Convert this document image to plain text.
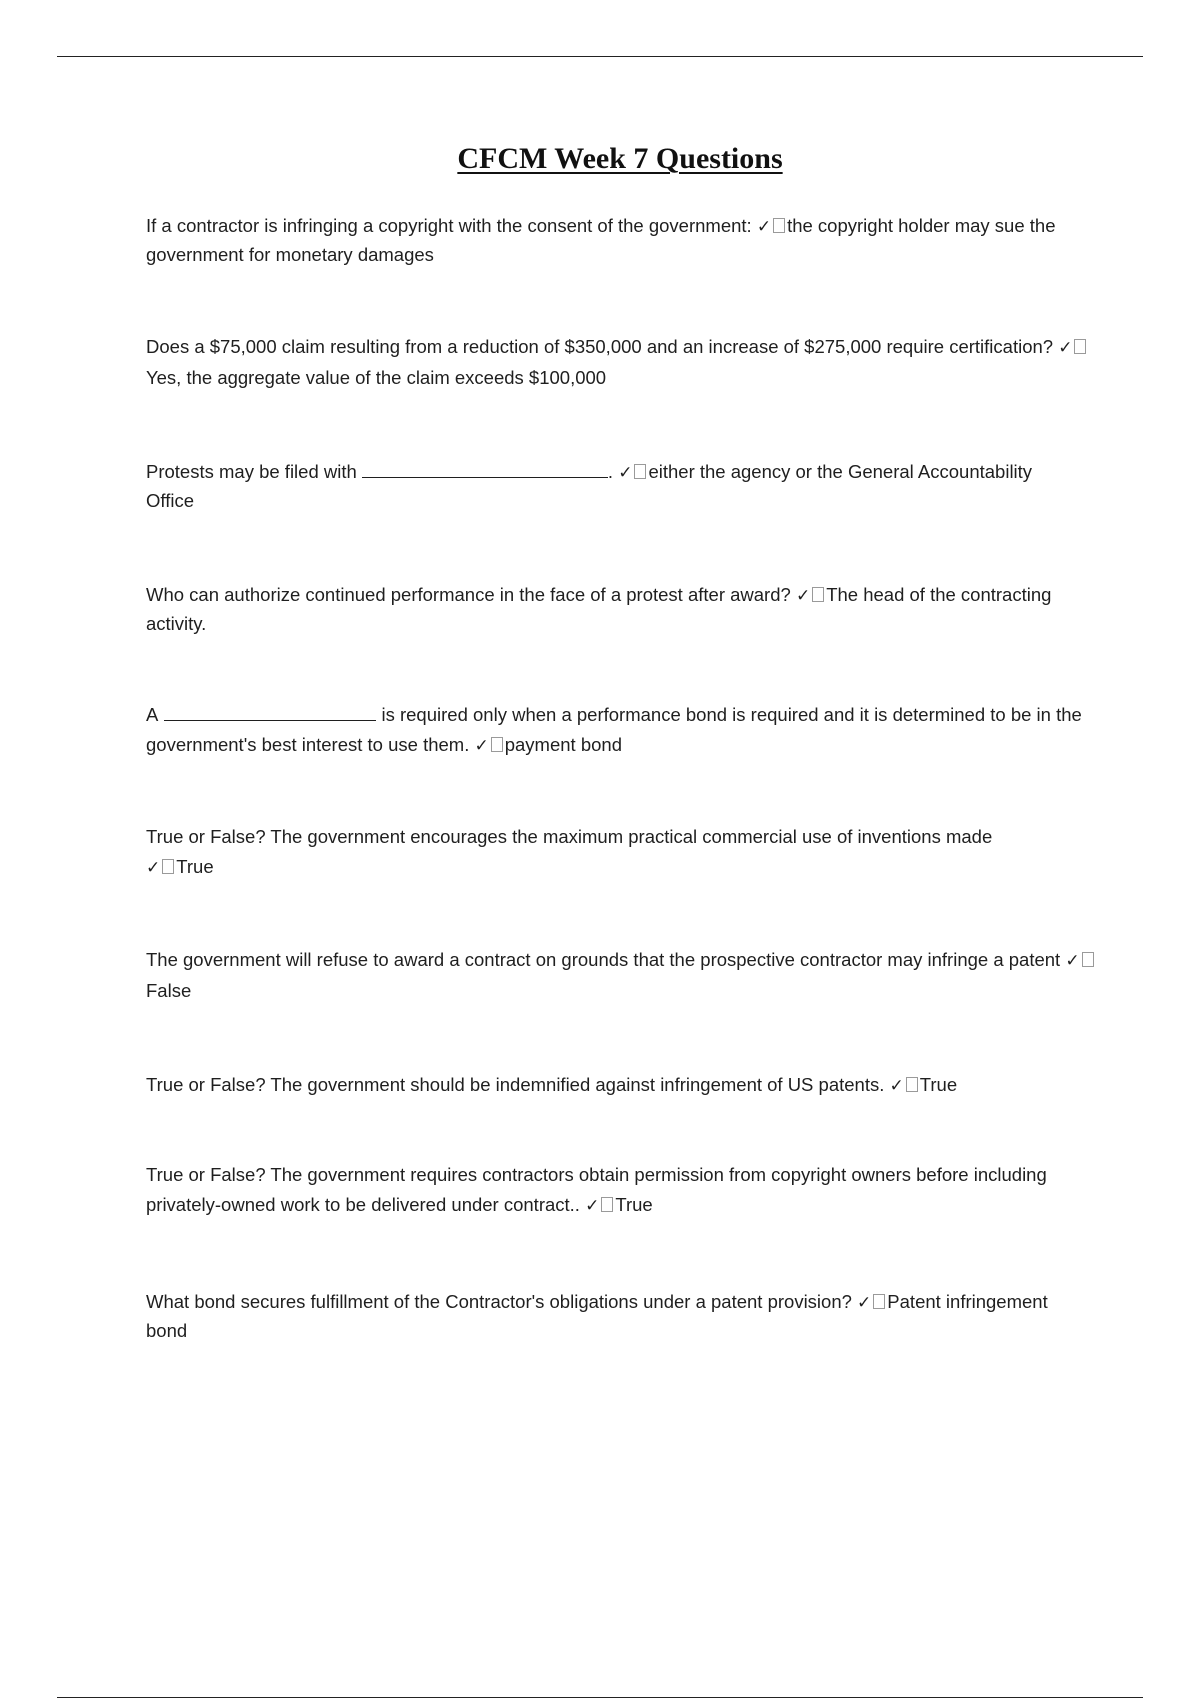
CFCM Week 7 Questions

If a contractor is infringing a copyright with the consent of the government: ✓ the copyright holder may sue the government for monetary damages

Does a $75,000 claim resulting from a reduction of $350,000 and an increase of $275,000 require certification? ✓Yes, the aggregate value of the claim exceeds $100,000

Protests may be filed with	. ✓ either the agency or the General Accountability Office

Who can authorize continued performance in the face of a protest after award? ✓ The head of the contracting activity.

A	is required only when a performance bond is required and it is determined to be in the government's best interest to use them. ✓ payment bond

True or False? The government encourages the maximum practical commercial use of inventions made
✓ True

The government will refuse to award a contract on grounds that the prospective contractor may infringe a patent ✓False

True or False? The government should be indemnified against infringement of US patents. ✓ True

True or False? The government requires contractors obtain permission from copyright owners before including privately-owned work to be delivered under contract.. ✓ True

What bond secures fulfillment of the Contractor's obligations under a patent provision? ✓ Patent infringement bond
